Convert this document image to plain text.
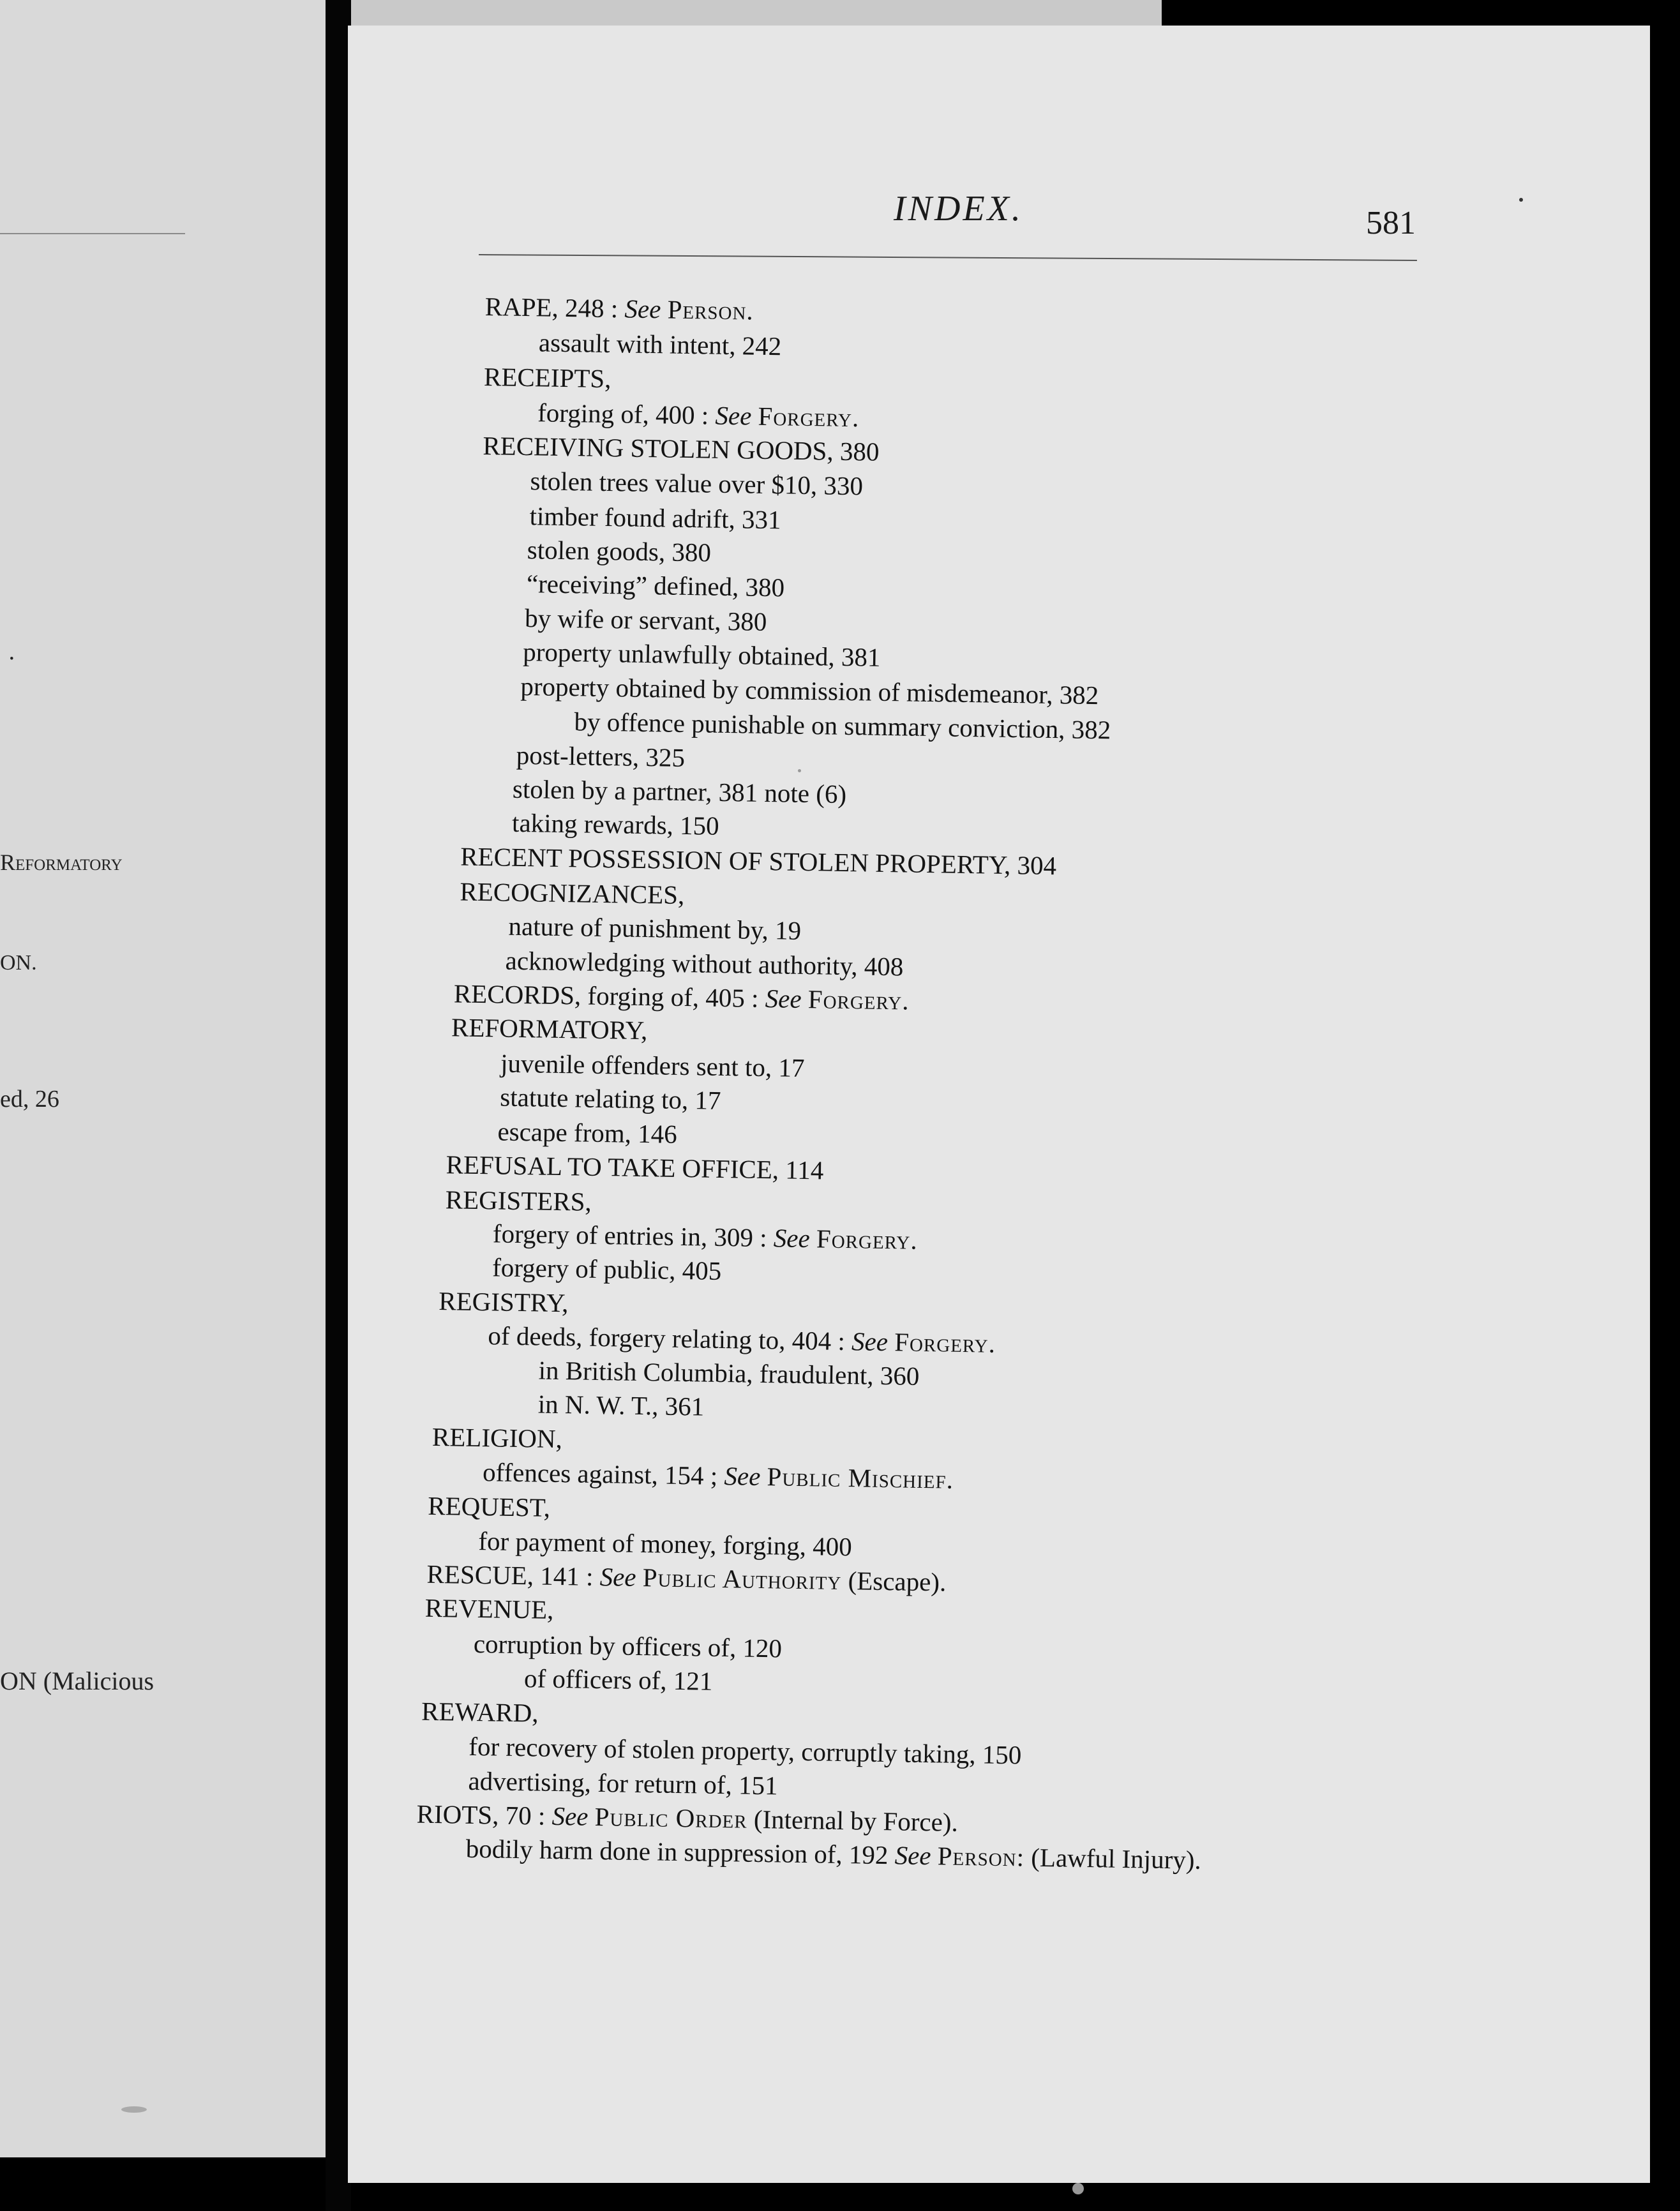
·
Reformatory
ON.
ed, 26
ON (Malicious
INDEX.	581
RAPE, 248 : See Person.
assault with intent, 242
RECEIPTS,
forging of, 400 : See Forgery.
RECEIVING STOLEN GOODS, 380
stolen trees value over $10, 330
timber found adrift, 331
stolen goods, 380
“receiving” defined, 380
by wife or servant, 380
property unlawfully obtained, 381
property obtained by commission of misdemeanor, 382
by offence punishable on summary conviction, 382
post-letters, 325
stolen by a partner, 381 note (6)
taking rewards, 150
RECENT POSSESSION OF STOLEN PROPERTY, 304
RECOGNIZANCES,
nature of punishment by, 19
acknowledging without authority, 408
RECORDS, forging of, 405 : See Forgery.
REFORMATORY,
juvenile offenders sent to, 17
statute relating to, 17
escape from, 146
REFUSAL TO TAKE OFFICE, 114
REGISTERS,
forgery of entries in, 309 : See Forgery.
forgery of public, 405
REGISTRY,
of deeds, forgery relating to, 404 : See Forgery.
in British Columbia, fraudulent, 360
in N. W. T., 361
RELIGION,
offences against, 154 ; See Public Mischief.
REQUEST,
for payment of money, forging, 400
RESCUE, 141 : See Public Authority (Escape).
REVENUE,
corruption by officers of, 120
of officers of, 121
REWARD,
for recovery of stolen property, corruptly taking, 150
advertising, for return of, 151
RIOTS, 70 : See Public Order (Internal by Force).
bodily harm done in suppression of, 192 See Person: (Lawful Injury).
